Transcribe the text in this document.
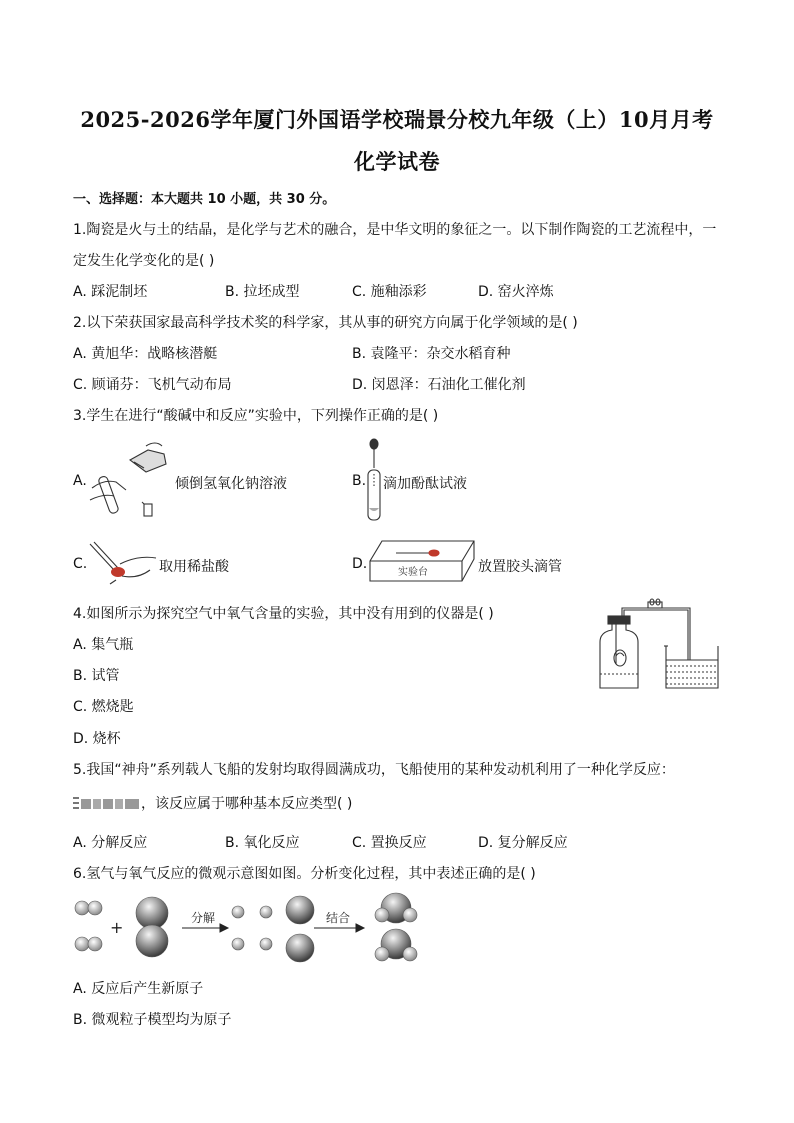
2025-2026学年厦门外国语学校瑞景分校九年级（上）10月月考
化学试卷
一、选择题：本大题共 10 小题，共 30 分。
1.陶瓷是火与土的结晶，是化学与艺术的融合，是中华文明的象征之一。以下制作陶瓷的工艺流程中，一
定发生化学变化的是( )
A. 踩泥制坯	B. 拉坯成型	C. 施釉添彩	D. 窑火淬炼
2.以下荣获国家最高科学技术奖的科学家，其从事的研究方向属于化学领域的是( )
A. 黄旭华：战略核潜艇	B. 袁隆平：杂交水稻育种
C. 顾诵芬：飞机气动布局	D. 闵恩泽：石油化工催化剂
3.学生在进行“酸碱中和反应”实验中，下列操作正确的是( )
A.	倾倒氢氧化钠溶液	B. 滴加酚酞试液
C.	取用稀盐酸	D.
实验台	放置胶头滴管
4.如图所示为探究空气中氧气含量的实验，其中没有用到的仪器是( )
A. 集气瓶
B. 试管
C. 燃烧匙
D. 烧杯
5.我国“神舟”系列载人飞船的发射均取得圆满成功，飞船使用的某种发动机利用了一种化学反应：
，该反应属于哪种基本反应类型( )
A. 分解反应	B. 氧化反应	C. 置换反应	D. 复分解反应
6.氢气与氧气反应的微观示意图如图。分析变化过程，其中表述正确的是( )
+	分解	结合
A. 反应后产生新原子
B. 微观粒子模型均为原子
